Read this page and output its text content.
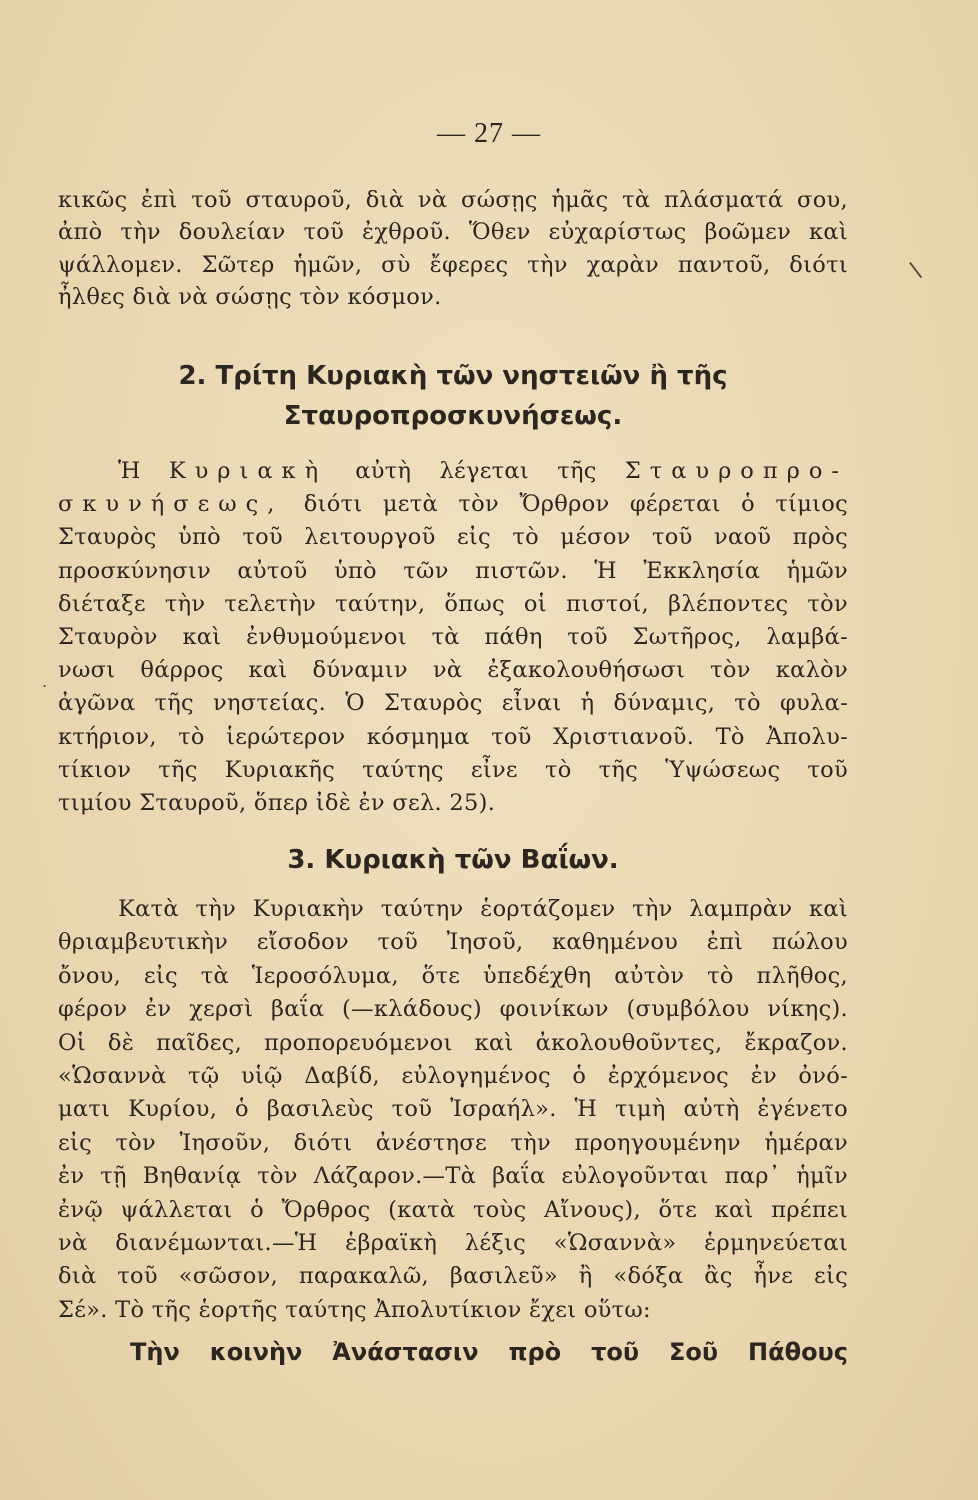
— 27 —
κικῶς ἐπὶ τοῦ σταυροῦ, διὰ νὰ σώσῃς ἡμᾶς τὰ πλάσματά σου,
ἀπὸ τὴν δουλείαν τοῦ ἐχθροῦ. Ὅθεν εὐχαρίστως βοῶμεν καὶ
ψάλλομεν. Σῶτερ ἡμῶν, σὺ ἔφερες τὴν χαρὰν παντοῦ, διότι
ἦλθες διὰ νὰ σώσῃς τὸν κόσμον.
2. Τρίτη Κυριακὴ τῶν νηστειῶν ἢ τῆς
Σταυροπροσκυνήσεως.
Ἡ Κυριακὴ αὐτὴ λέγεται τῆς Σταυροπρο-
σκυνήσεως, διότι μετὰ τὸν Ὄρθρον φέρεται ὁ τίμιος
Σταυρὸς ὑπὸ τοῦ λειτουργοῦ εἰς τὸ μέσον τοῦ ναοῦ πρὸς
προσκύνησιν αὐτοῦ ὑπὸ τῶν πιστῶν. Ἡ Ἐκκλησία ἡμῶν
διέταξε τὴν τελετὴν ταύτην, ὅπως οἱ πιστοί, βλέποντες τὸν
Σταυρὸν καὶ ἐνθυμούμενοι τὰ πάθη τοῦ Σωτῆρος, λαμβά-
νωσι θάρρος καὶ δύναμιν νὰ ἐξακολουθήσωσι τὸν καλὸν
ἀγῶνα τῆς νηστείας. Ὁ Σταυρὸς εἶναι ἡ δύναμις, τὸ φυλα-
κτήριον, τὸ ἱερώτερον κόσμημα τοῦ Χριστιανοῦ. Τὸ Ἀπολυ-
τίκιον τῆς Κυριακῆς ταύτης εἶνε τὸ τῆς Ὑψώσεως τοῦ
τιμίου Σταυροῦ, ὅπερ ἰδὲ ἐν σελ. 25).
3. Κυριακὴ τῶν Βαΐων.
Κατὰ τὴν Κυριακὴν ταύτην ἑορτάζομεν τὴν λαμπρὰν καὶ
θριαμβευτικὴν εἴσοδον τοῦ Ἰησοῦ, καθημένου ἐπὶ πώλου
ὄνου, εἰς τὰ Ἱεροσόλυμα, ὅτε ὑπεδέχθη αὐτὸν τὸ πλῆθος,
φέρον ἐν χερσὶ βαΐα (—κλάδους) φοινίκων (συμβόλου νίκης).
Οἱ δὲ παῖδες, προπορευόμενοι καὶ ἀκολουθοῦντες, ἔκραζον.
«Ὡσαννὰ τῷ υἱῷ Δαβίδ, εὐλογημένος ὁ ἐρχόμενος ἐν ὀνό-
ματι Κυρίου, ὁ βασιλεὺς τοῦ Ἰσραήλ». Ἡ τιμὴ αὐτὴ ἐγένετο
εἰς τὸν Ἰησοῦν, διότι ἀνέστησε τὴν προηγουμένην ἡμέραν
ἐν τῇ Βηθανίᾳ τὸν Λάζαρον.—Τὰ βαΐα εὐλογοῦνται παρ᾽ ἡμῖν
ἐνῷ ψάλλεται ὁ Ὄρθρος (κατὰ τοὺς Αἴνους), ὅτε καὶ πρέπει
νὰ διανέμωνται.—Ἡ ἑβραϊκὴ λέξις «Ὡσαννὰ» ἑρμηνεύεται
διὰ τοῦ «σῶσον, παρακαλῶ, βασιλεῦ» ἢ «δόξα ἂς ἦνε εἰς
Σέ». Τὸ τῆς ἑορτῆς ταύτης Ἀπολυτίκιον ἔχει οὕτω:
Τὴν κοινὴν Ἀνάστασιν πρὸ τοῦ Σοῦ Πάθους
\
.
